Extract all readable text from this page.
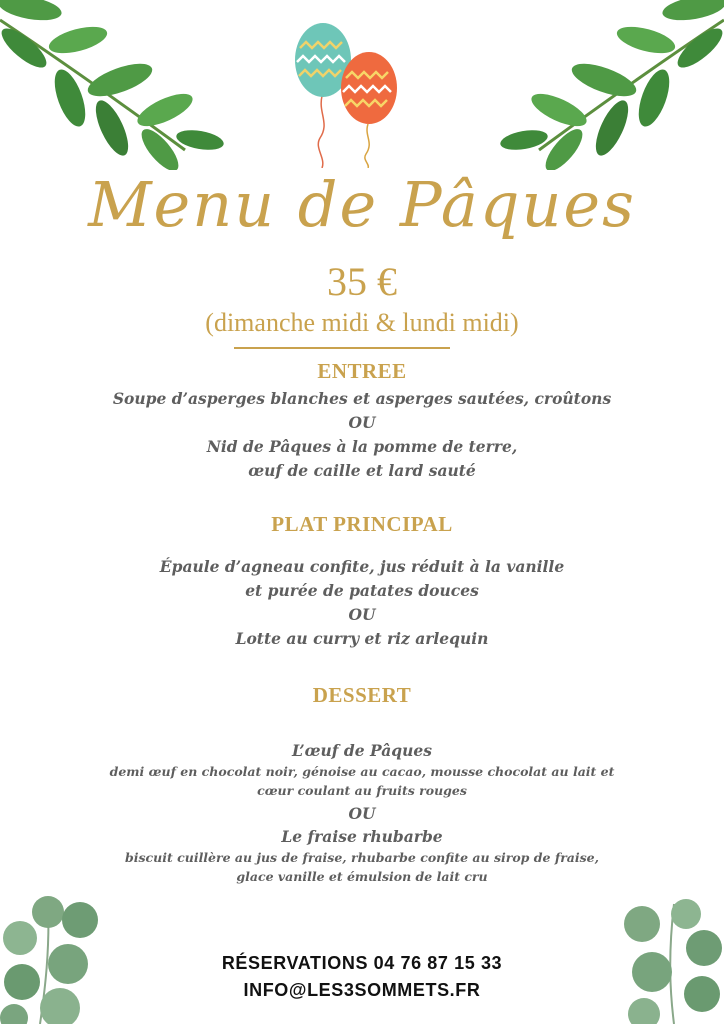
Menu de Pâques
35 €
(dimanche midi & lundi midi)
ENTREE
Soupe d’asperges blanches et asperges sautées, croûtons
OU
Nid de Pâques à la pomme de terre,
œuf de caille et lard sauté
PLAT PRINCIPAL
Épaule d’agneau confite, jus réduit à la vanille
et purée de patates douces
OU
Lotte au curry et riz arlequin
DESSERT
L’œuf de Pâques
demi œuf en chocolat noir, génoise au cacao, mousse chocolat au lait et
cœur coulant au fruits rouges
OU
Le fraise rhubarbe
biscuit cuillère au jus de fraise, rhubarbe confite au sirop de fraise,
glace vanille et émulsion de lait cru
RÉSERVATIONS 04 76 87 15 33
INFO@LES3SOMMETS.FR
